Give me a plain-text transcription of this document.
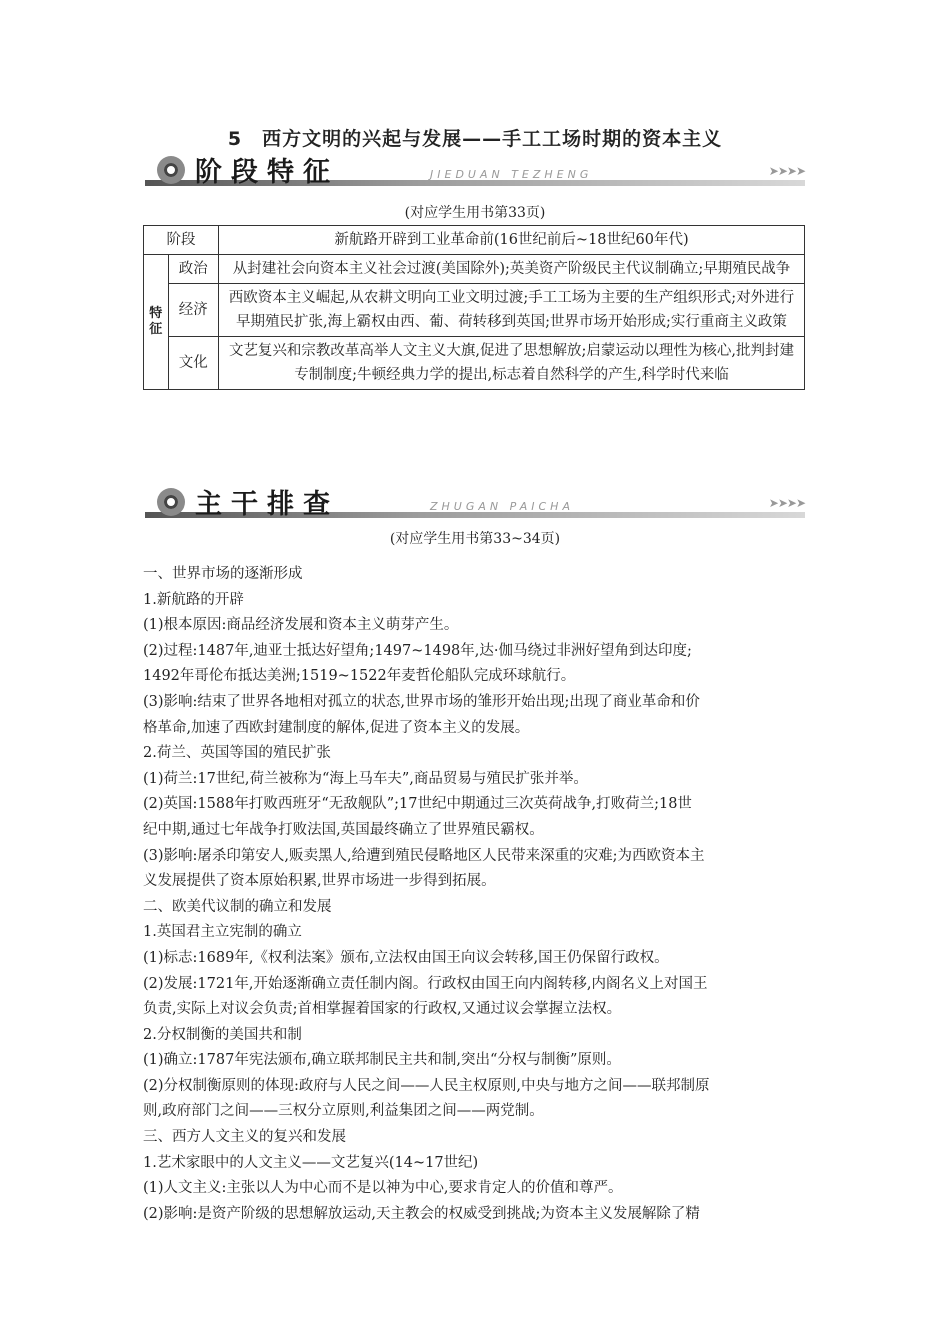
5　西方文明的兴起与发展——手工工场时期的资本主义
阶段特征	JIEDUAN TEZHENG	➤➤➤➤
(对应学生用书第33页)
阶段		新航路开辟到工业革命前(16世纪前后~18世纪60年代)
特
征	政治	从封建社会向资本主义社会过渡(美国除外);英美资产阶级民主代议制确立;早期殖民战争
	经济	西欧资本主义崛起,从农耕文明向工业文明过渡;手工工场为主要的生产组织形式;对外进行早期殖民扩张,海上霸权由西、葡、荷转移到英国;世界市场开始形成;实行重商主义政策
	文化	文艺复兴和宗教改革高举人文主义大旗,促进了思想解放;启蒙运动以理性为核心,批判封建专制制度;牛顿经典力学的提出,标志着自然科学的产生,科学时代来临
主干排查	ZHUGAN PAICHA	➤➤➤➤
(对应学生用书第33~34页)

一、世界市场的逐渐形成

1.新航路的开辟

(1)根本原因:商品经济发展和资本主义萌芽产生。

(2)过程:1487年,迪亚士抵达好望角;1497~1498年,达·伽马绕过非洲好望角到达印度;

1492年哥伦布抵达美洲;1519~1522年麦哲伦船队完成环球航行。

(3)影响:结束了世界各地相对孤立的状态,世界市场的雏形开始出现;出现了商业革命和价

格革命,加速了西欧封建制度的解体,促进了资本主义的发展。

2.荷兰、英国等国的殖民扩张

(1)荷兰:17世纪,荷兰被称为“海上马车夫”,商品贸易与殖民扩张并举。

(2)英国:1588年打败西班牙“无敌舰队”;17世纪中期通过三次英荷战争,打败荷兰;18世

纪中期,通过七年战争打败法国,英国最终确立了世界殖民霸权。

(3)影响:屠杀印第安人,贩卖黑人,给遭到殖民侵略地区人民带来深重的灾难;为西欧资本主

义发展提供了资本原始积累,世界市场进一步得到拓展。

二、欧美代议制的确立和发展

1.英国君主立宪制的确立

(1)标志:1689年,《权利法案》颁布,立法权由国王向议会转移,国王仍保留行政权。

(2)发展:1721年,开始逐渐确立责任制内阁。行政权由国王向内阁转移,内阁名义上对国王

负责,实际上对议会负责;首相掌握着国家的行政权,又通过议会掌握立法权。

2.分权制衡的美国共和制

(1)确立:1787年宪法颁布,确立联邦制民主共和制,突出“分权与制衡”原则。

(2)分权制衡原则的体现:政府与人民之间——人民主权原则,中央与地方之间——联邦制原

则,政府部门之间——三权分立原则,利益集团之间——两党制。

三、西方人文主义的复兴和发展

1.艺术家眼中的人文主义——文艺复兴(14~17世纪)

(1)人文主义:主张以人为中心而不是以神为中心,要求肯定人的价值和尊严。

(2)影响:是资产阶级的思想解放运动,天主教会的权威受到挑战;为资本主义发展解除了精
